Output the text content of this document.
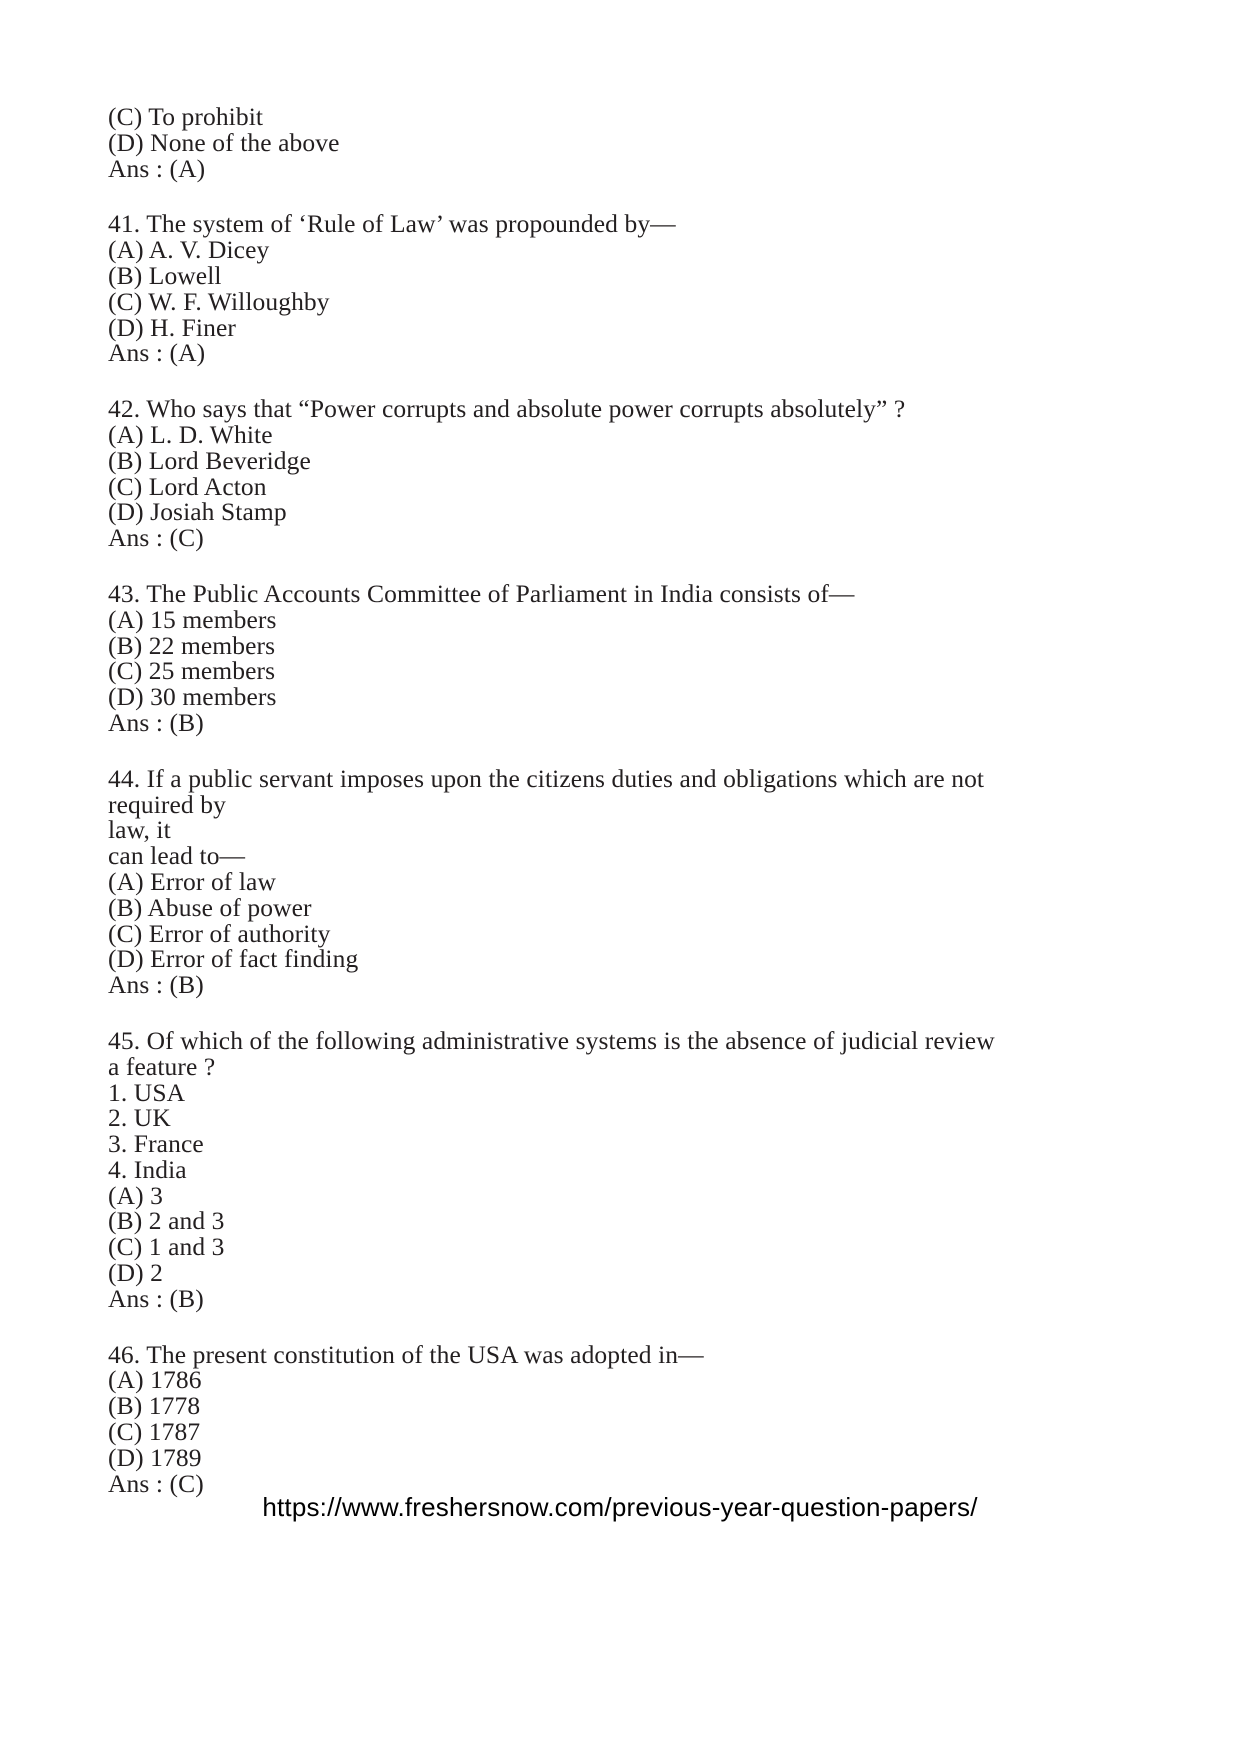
(C) To prohibit
(D) None of the above
Ans : (A)
41. The system of ‘Rule of Law’ was propounded by—
(A) A. V. Dicey
(B) Lowell
(C) W. F. Willoughby
(D) H. Finer
Ans : (A)
42. Who says that “Power corrupts and absolute power corrupts absolutely” ?
(A) L. D. White
(B) Lord Beveridge
(C) Lord Acton
(D) Josiah Stamp
Ans : (C)
43. The Public Accounts Committee of Parliament in India consists of—
(A) 15 members
(B) 22 members
(C) 25 members
(D) 30 members
Ans : (B)
44. If a public servant imposes upon the citizens duties and obligations which are not required by
law, it
can lead to—
(A) Error of law
(B) Abuse of power
(C) Error of authority
(D) Error of fact finding
Ans : (B)
45. Of which of the following administrative systems is the absence of judicial review a feature ?
1. USA
2. UK
3. France
4. India
(A) 3
(B) 2 and 3
(C) 1 and 3
(D) 2
Ans : (B)
46. The present constitution of the USA was adopted in—
(A) 1786
(B) 1778
(C) 1787
(D) 1789
Ans : (C)
https://www.freshersnow.com/previous-year-question-papers/
